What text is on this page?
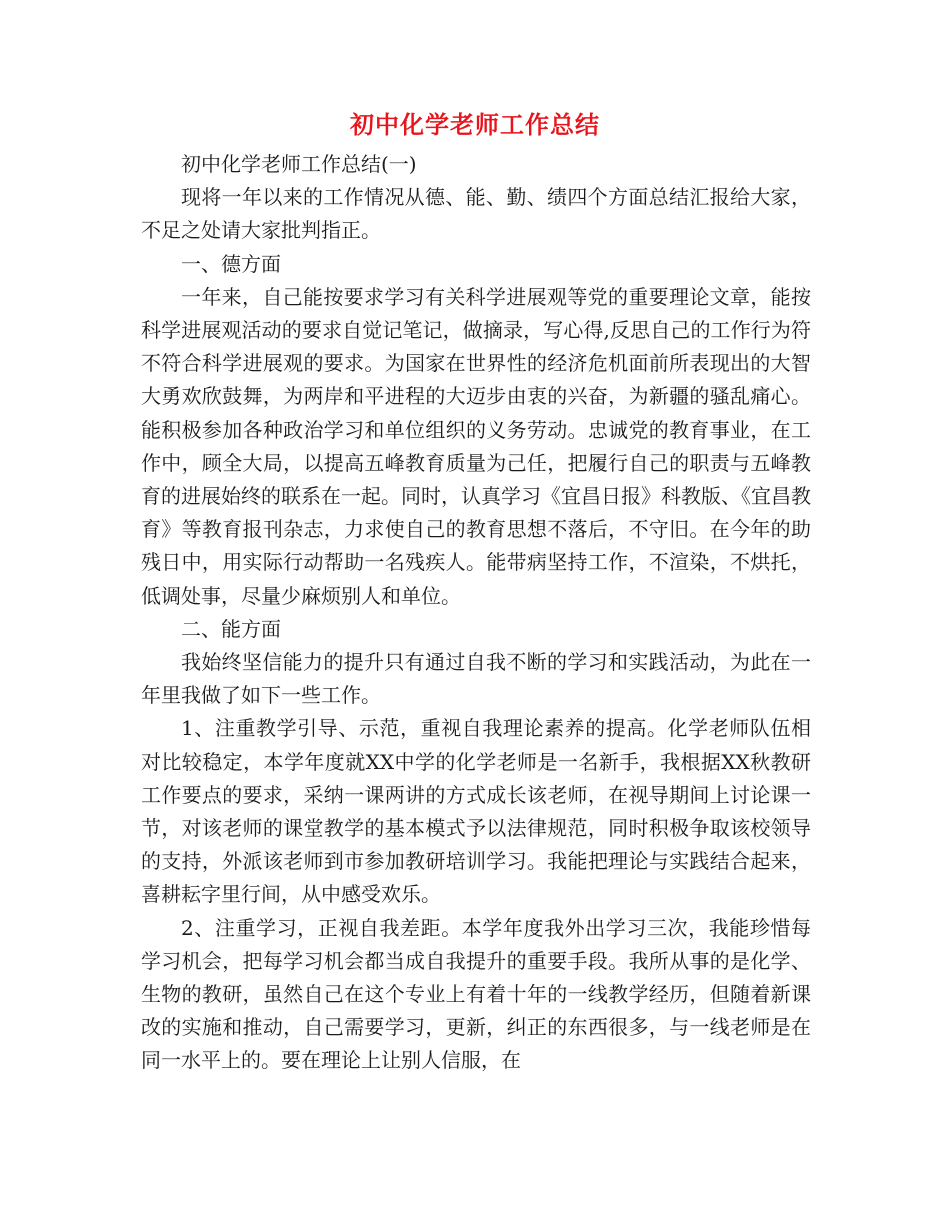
初中化学老师工作总结

初中化学老师工作总结(一)

现将一年以来的工作情况从德、能、勤、绩四个方面总结汇报给大家，不足之处请大家批判指正。

一、德方面

一年来，自己能按要求学习有关科学进展观等党的重要理论文章，能按科学进展观活动的要求自觉记笔记，做摘录，写心得,反思自己的工作行为符不符合科学进展观的要求。为国家在世界性的经济危机面前所表现出的大智大勇欢欣鼓舞，为两岸和平进程的大迈步由衷的兴奋，为新疆的骚乱痛心。能积极参加各种政治学习和单位组织的义务劳动。忠诚党的教育事业，在工作中，顾全大局，以提高五峰教育质量为己任，把履行自己的职责与五峰教育的进展始终的联系在一起。同时，认真学习《宜昌日报》科教版、《宜昌教育》等教育报刊杂志，力求使自己的教育思想不落后，不守旧。在今年的助残日中，用实际行动帮助一名残疾人。能带病坚持工作，不渲染，不烘托，低调处事，尽量少麻烦别人和单位。

二、能方面

我始终坚信能力的提升只有通过自我不断的学习和实践活动，为此在一年里我做了如下一些工作。

1、注重教学引导、示范，重视自我理论素养的提高。化学老师队伍相对比较稳定，本学年度就XX中学的化学老师是一名新手，我根据XX秋教研工作要点的要求，采纳一课两讲的方式成长该老师，在视导期间上讨论课一节，对该老师的课堂教学的基本模式予以法律规范，同时积极争取该校领导的支持，外派该老师到市参加教研培训学习。我能把理论与实践结合起来，喜耕耘字里行间，从中感受欢乐。

2、注重学习，正视自我差距。本学年度我外出学习三次，我能珍惜每学习机会，把每学习机会都当成自我提升的重要手段。我所从事的是化学、生物的教研，虽然自己在这个专业上有着十年的一线教学经历，但随着新课改的实施和推动，自己需要学习，更新，纠正的东西很多，与一线老师是在同一水平上的。要在理论上让别人信服，在
